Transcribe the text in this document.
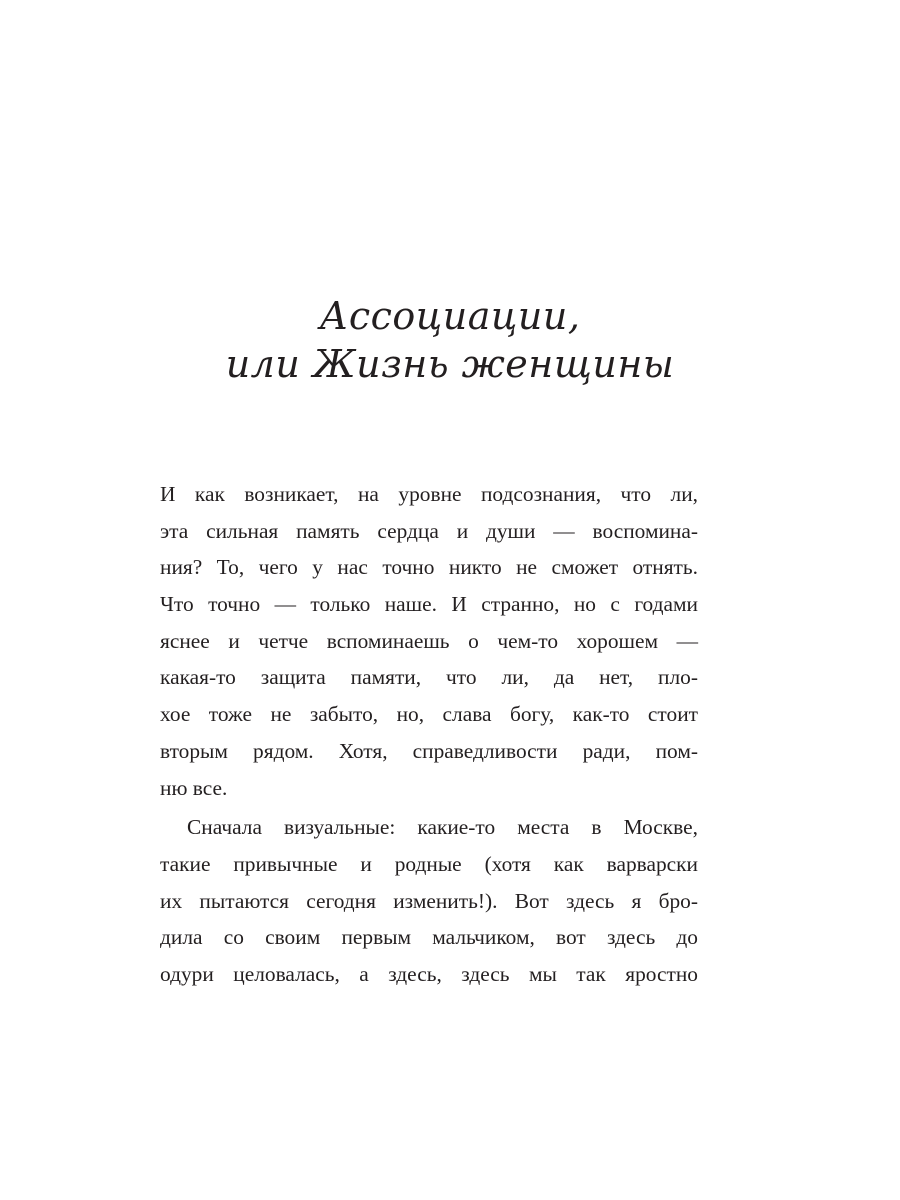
Ассоциации,
или Жизнь женщины
И как возникает, на уровне подсознания, что ли,
эта сильная память сердца и души — воспомина-
ния? То, чего у нас точно никто не сможет отнять.
Что точно — только наше. И странно, но с годами
яснее и четче вспоминаешь о чем-то хорошем —
какая-то защита памяти, что ли, да нет, пло-
хое тоже не забыто, но, слава богу, как-то стоит
вторым рядом. Хотя, справедливости ради, пом-
ню все.
Сначала визуальные: какие-то места в Москве,
такие привычные и родные (хотя как варварски
их пытаются сегодня изменить!). Вот здесь я бро-
дила со своим первым мальчиком, вот здесь до
одури целовалась, а здесь, здесь мы так яростно
